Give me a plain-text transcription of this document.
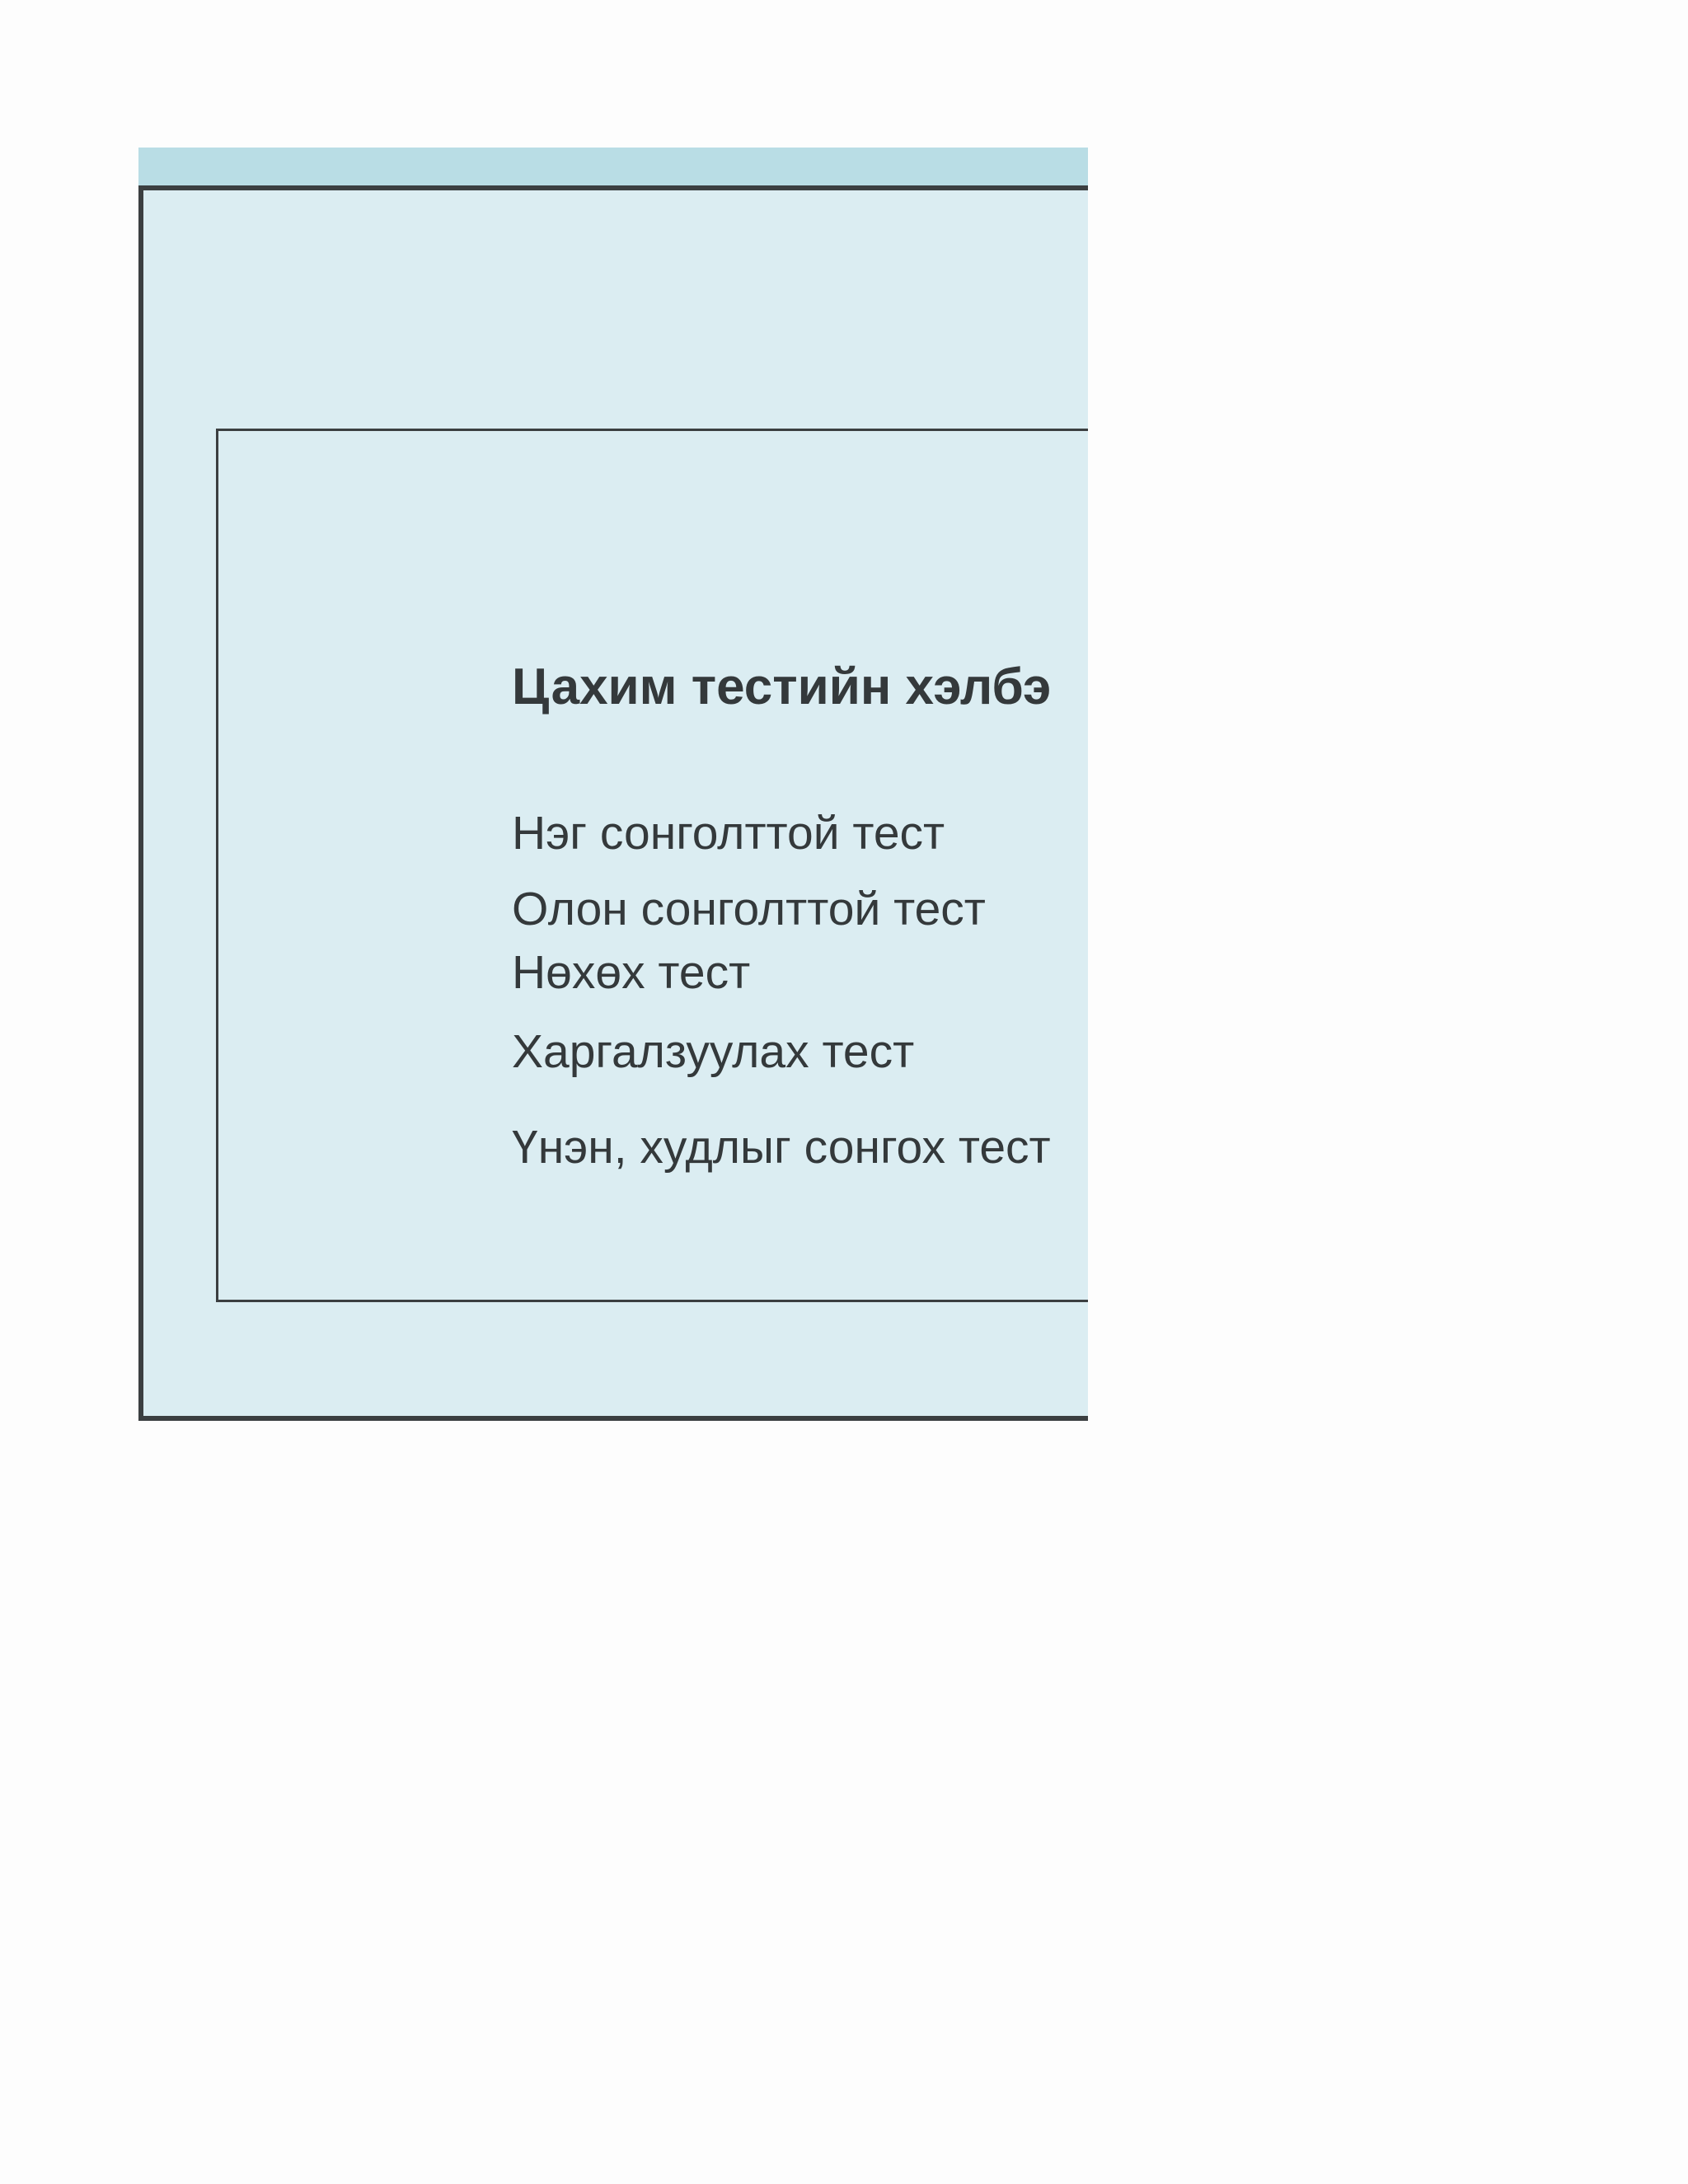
Цахим тестийн хэлбэ

Нэг сонголттой тест

Олон сонголттой тест

Нөхөх тест

Харгалзуулах тест

Үнэн, худлыг сонгох тест
